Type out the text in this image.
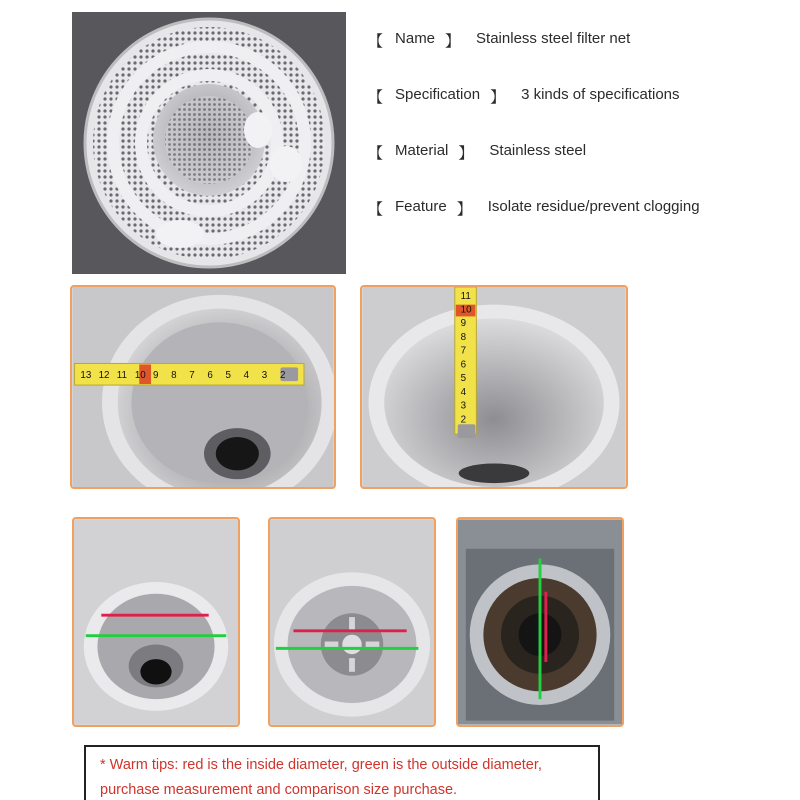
【 Name 】 Stainless steel filter net
【 Specification 】 3 kinds of specifications
【 Material 】 Stainless steel
【 Feature 】 Isolate residue/prevent clogging
13 12 11 10 9 8 7 6 5 4 3 2
11
10
9
8
7
6
5
4
3
2
* Warm tips: red is the inside diameter, green is the outside diameter,
purchase measurement and comparison size purchase.
